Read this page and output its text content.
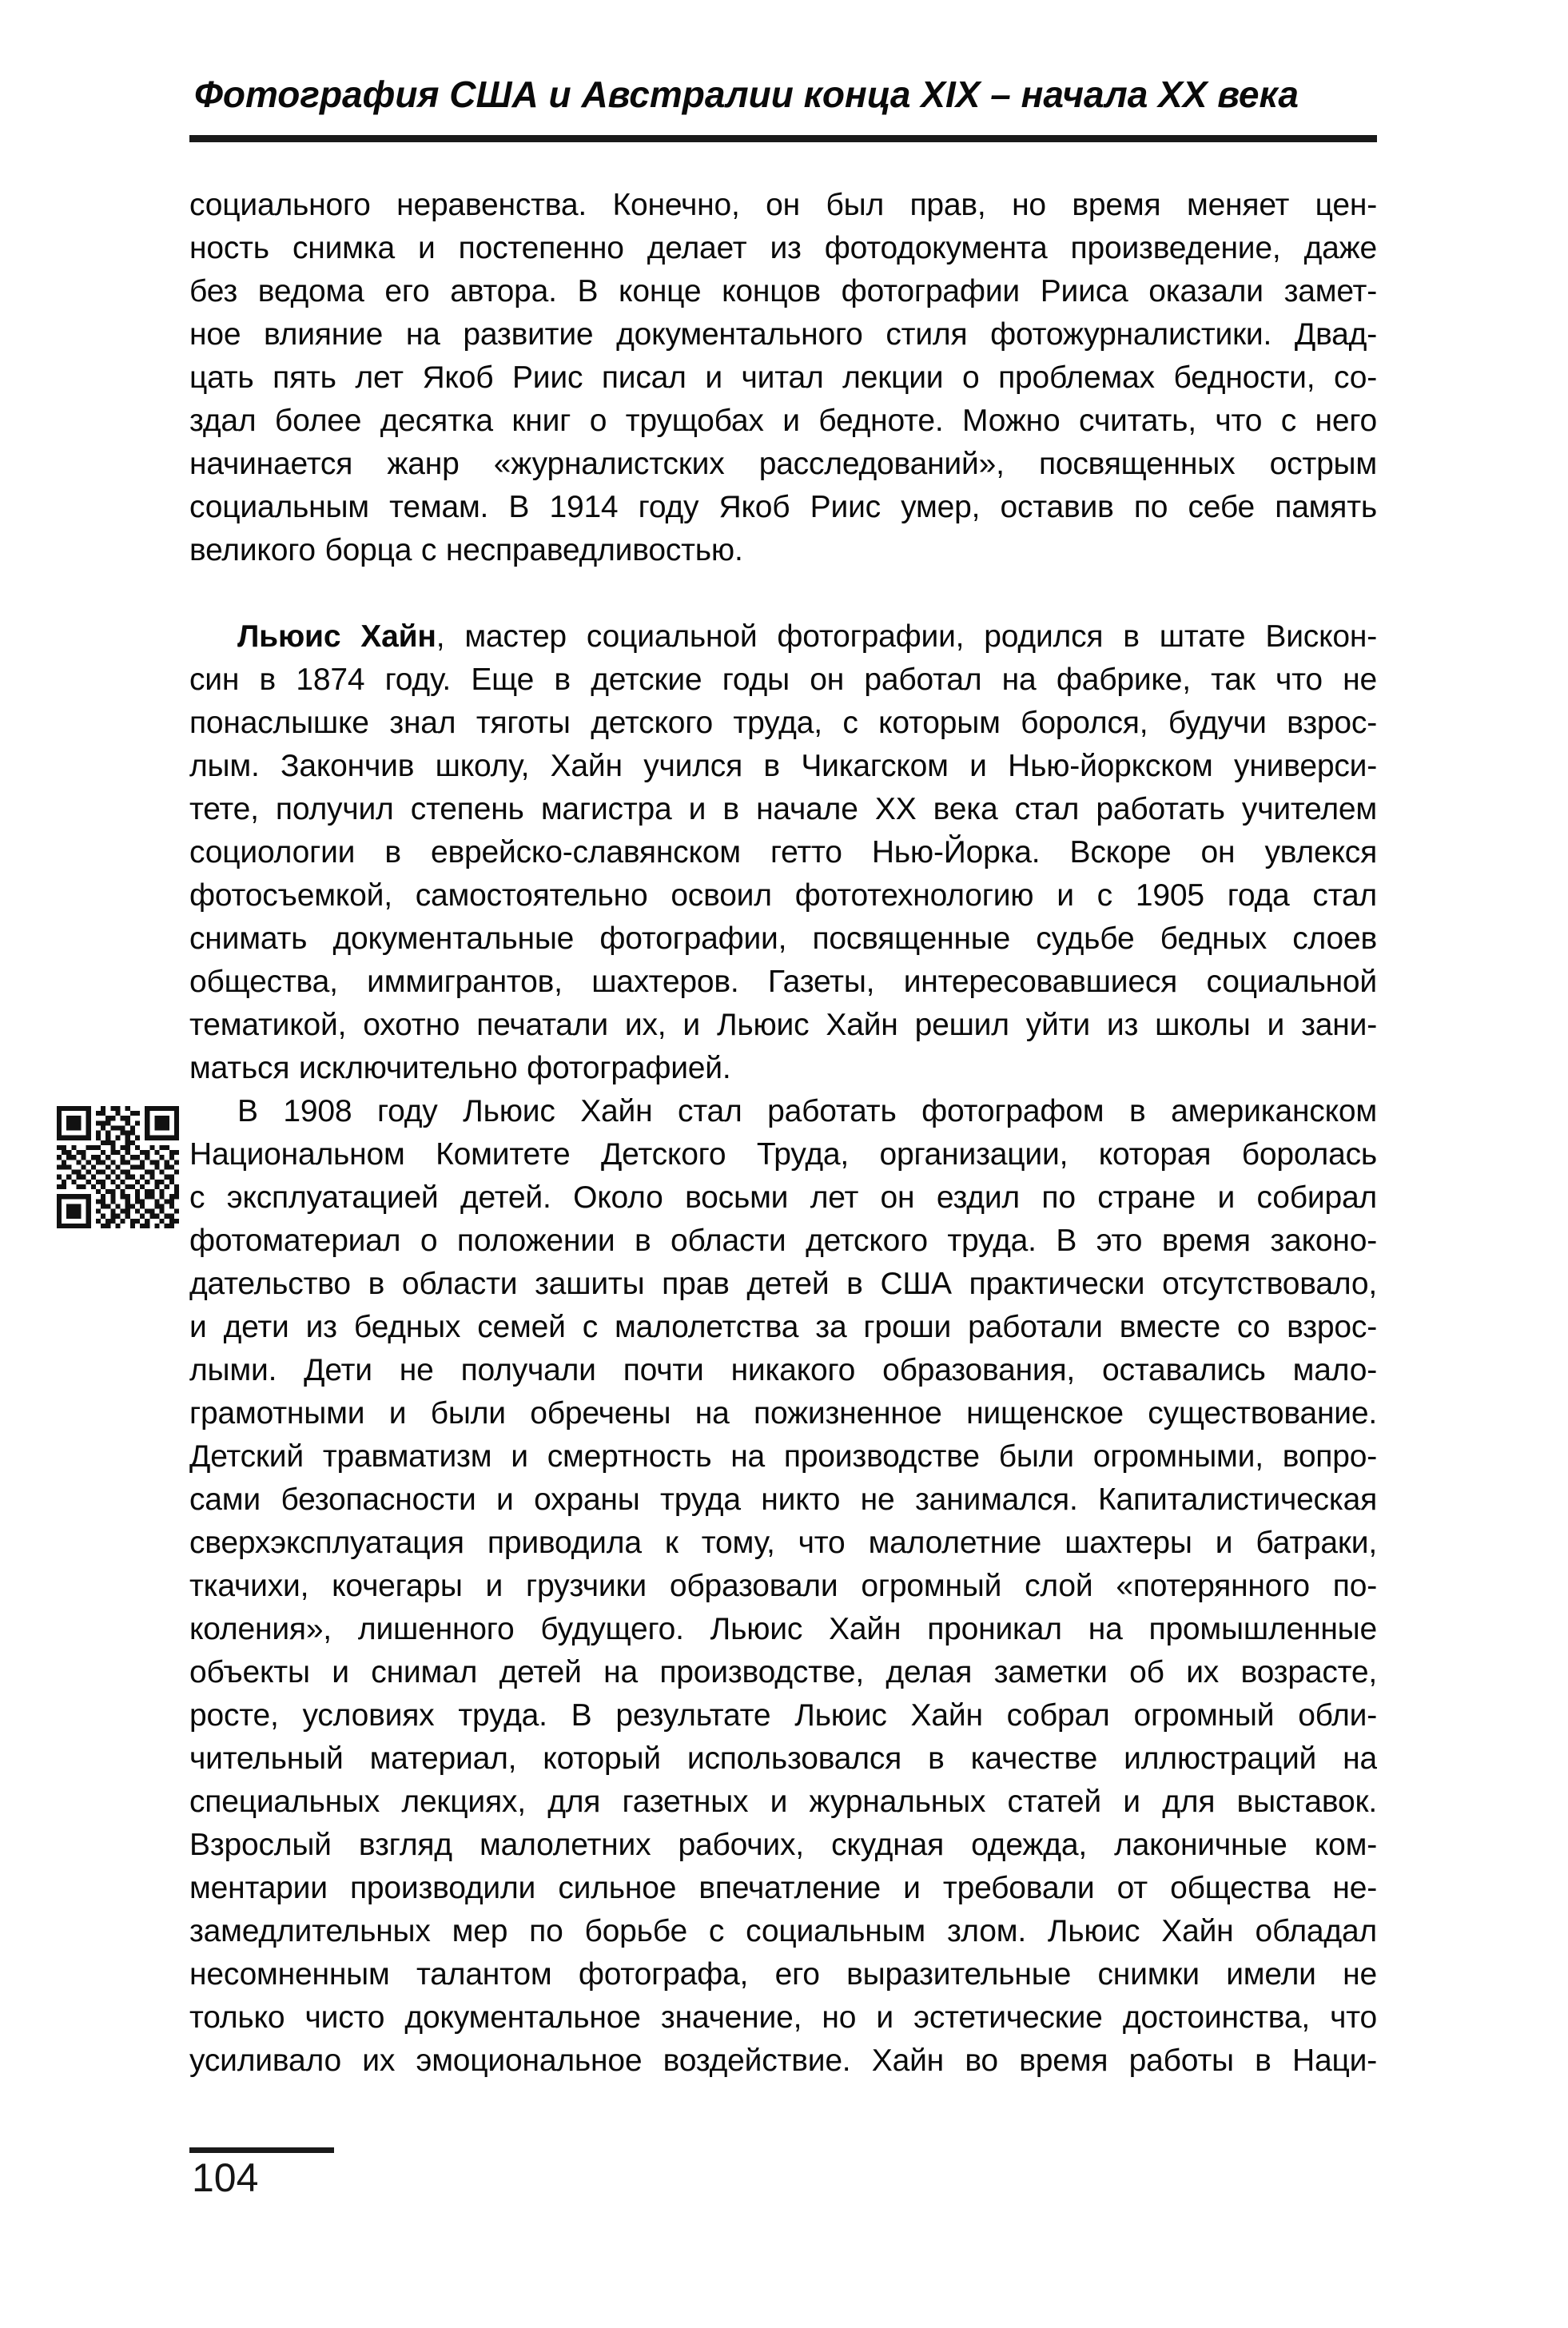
Фотография США и Австралии конца XIX – начала XX века
социального неравенства. Конечно, он был прав, но время меняет цен-
ность снимка и постепенно делает из фотодокумента произведение, даже
без ведома его автора. В конце концов фотографии Рииса оказали замет-
ное влияние на развитие документального стиля фотожурналистики. Двад-
цать пять лет Якоб Риис писал и читал лекции о проблемах бедности, со-
здал более десятка книг о трущобах и бедноте. Можно считать, что с него
начинается жанр «журналистских расследований», посвященных острым
социальным темам. В 1914 году Якоб Риис умер, оставив по себе память
великого борца с несправедливостью.
Льюис Хайн, мастер социальной фотографии, родился в штате Вискон-
син в 1874 году. Еще в детские годы он работал на фабрике, так что не
понаслышке знал тяготы детского труда, с которым боролся, будучи взрос-
лым. Закончив школу, Хайн учился в Чикагском и Нью-йоркском универси-
тете, получил степень магистра и в начале XX века стал работать учителем
социологии в еврейско-славянском гетто Нью-Йорка. Вскоре он увлекся
фотосъемкой, самостоятельно освоил фототехнологию и с 1905 года стал
снимать документальные фотографии, посвященные судьбе бедных слоев
общества, иммигрантов, шахтеров. Газеты, интересовавшиеся социальной
тематикой, охотно печатали их, и Льюис Хайн решил уйти из школы и зани-
маться исключительно фотографией.
В 1908 году Льюис Хайн стал работать фотографом в американском
Национальном Комитете Детского Труда, организации, которая боролась
с эксплуатацией детей. Около восьми лет он ездил по стране и собирал
фотоматериал о положении в области детского труда. В это время законо-
дательство в области зашиты прав детей в США практически отсутствовало,
и дети из бедных семей с малолетства за гроши работали вместе со взрос-
лыми. Дети не получали почти никакого образования, оставались мало-
грамотными и были обречены на пожизненное нищенское существование.
Детский травматизм и смертность на производстве были огромными, вопро-
сами безопасности и охраны труда никто не занимался. Капиталистическая
сверхэксплуатация приводила к тому, что малолетние шахтеры и батраки,
ткачихи, кочегары и грузчики образовали огромный слой «потерянного по-
коления», лишенного будущего. Льюис Хайн проникал на промышленные
объекты и снимал детей на производстве, делая заметки об их возрасте,
росте, условиях труда. В результате Льюис Хайн собрал огромный обли-
чительный материал, который использовался в качестве иллюстраций на
специальных лекциях, для газетных и журнальных статей и для выставок.
Взрослый взгляд малолетних рабочих, скудная одежда, лаконичные ком-
ментарии производили сильное впечатление и требовали от общества не-
замедлительных мер по борьбе с социальным злом. Льюис Хайн обладал
несомненным талантом фотографа, его выразительные снимки имели не
только чисто документальное значение, но и эстетические достоинства, что
усиливало их эмоциональное воздействие. Хайн во время работы в Наци-
104
